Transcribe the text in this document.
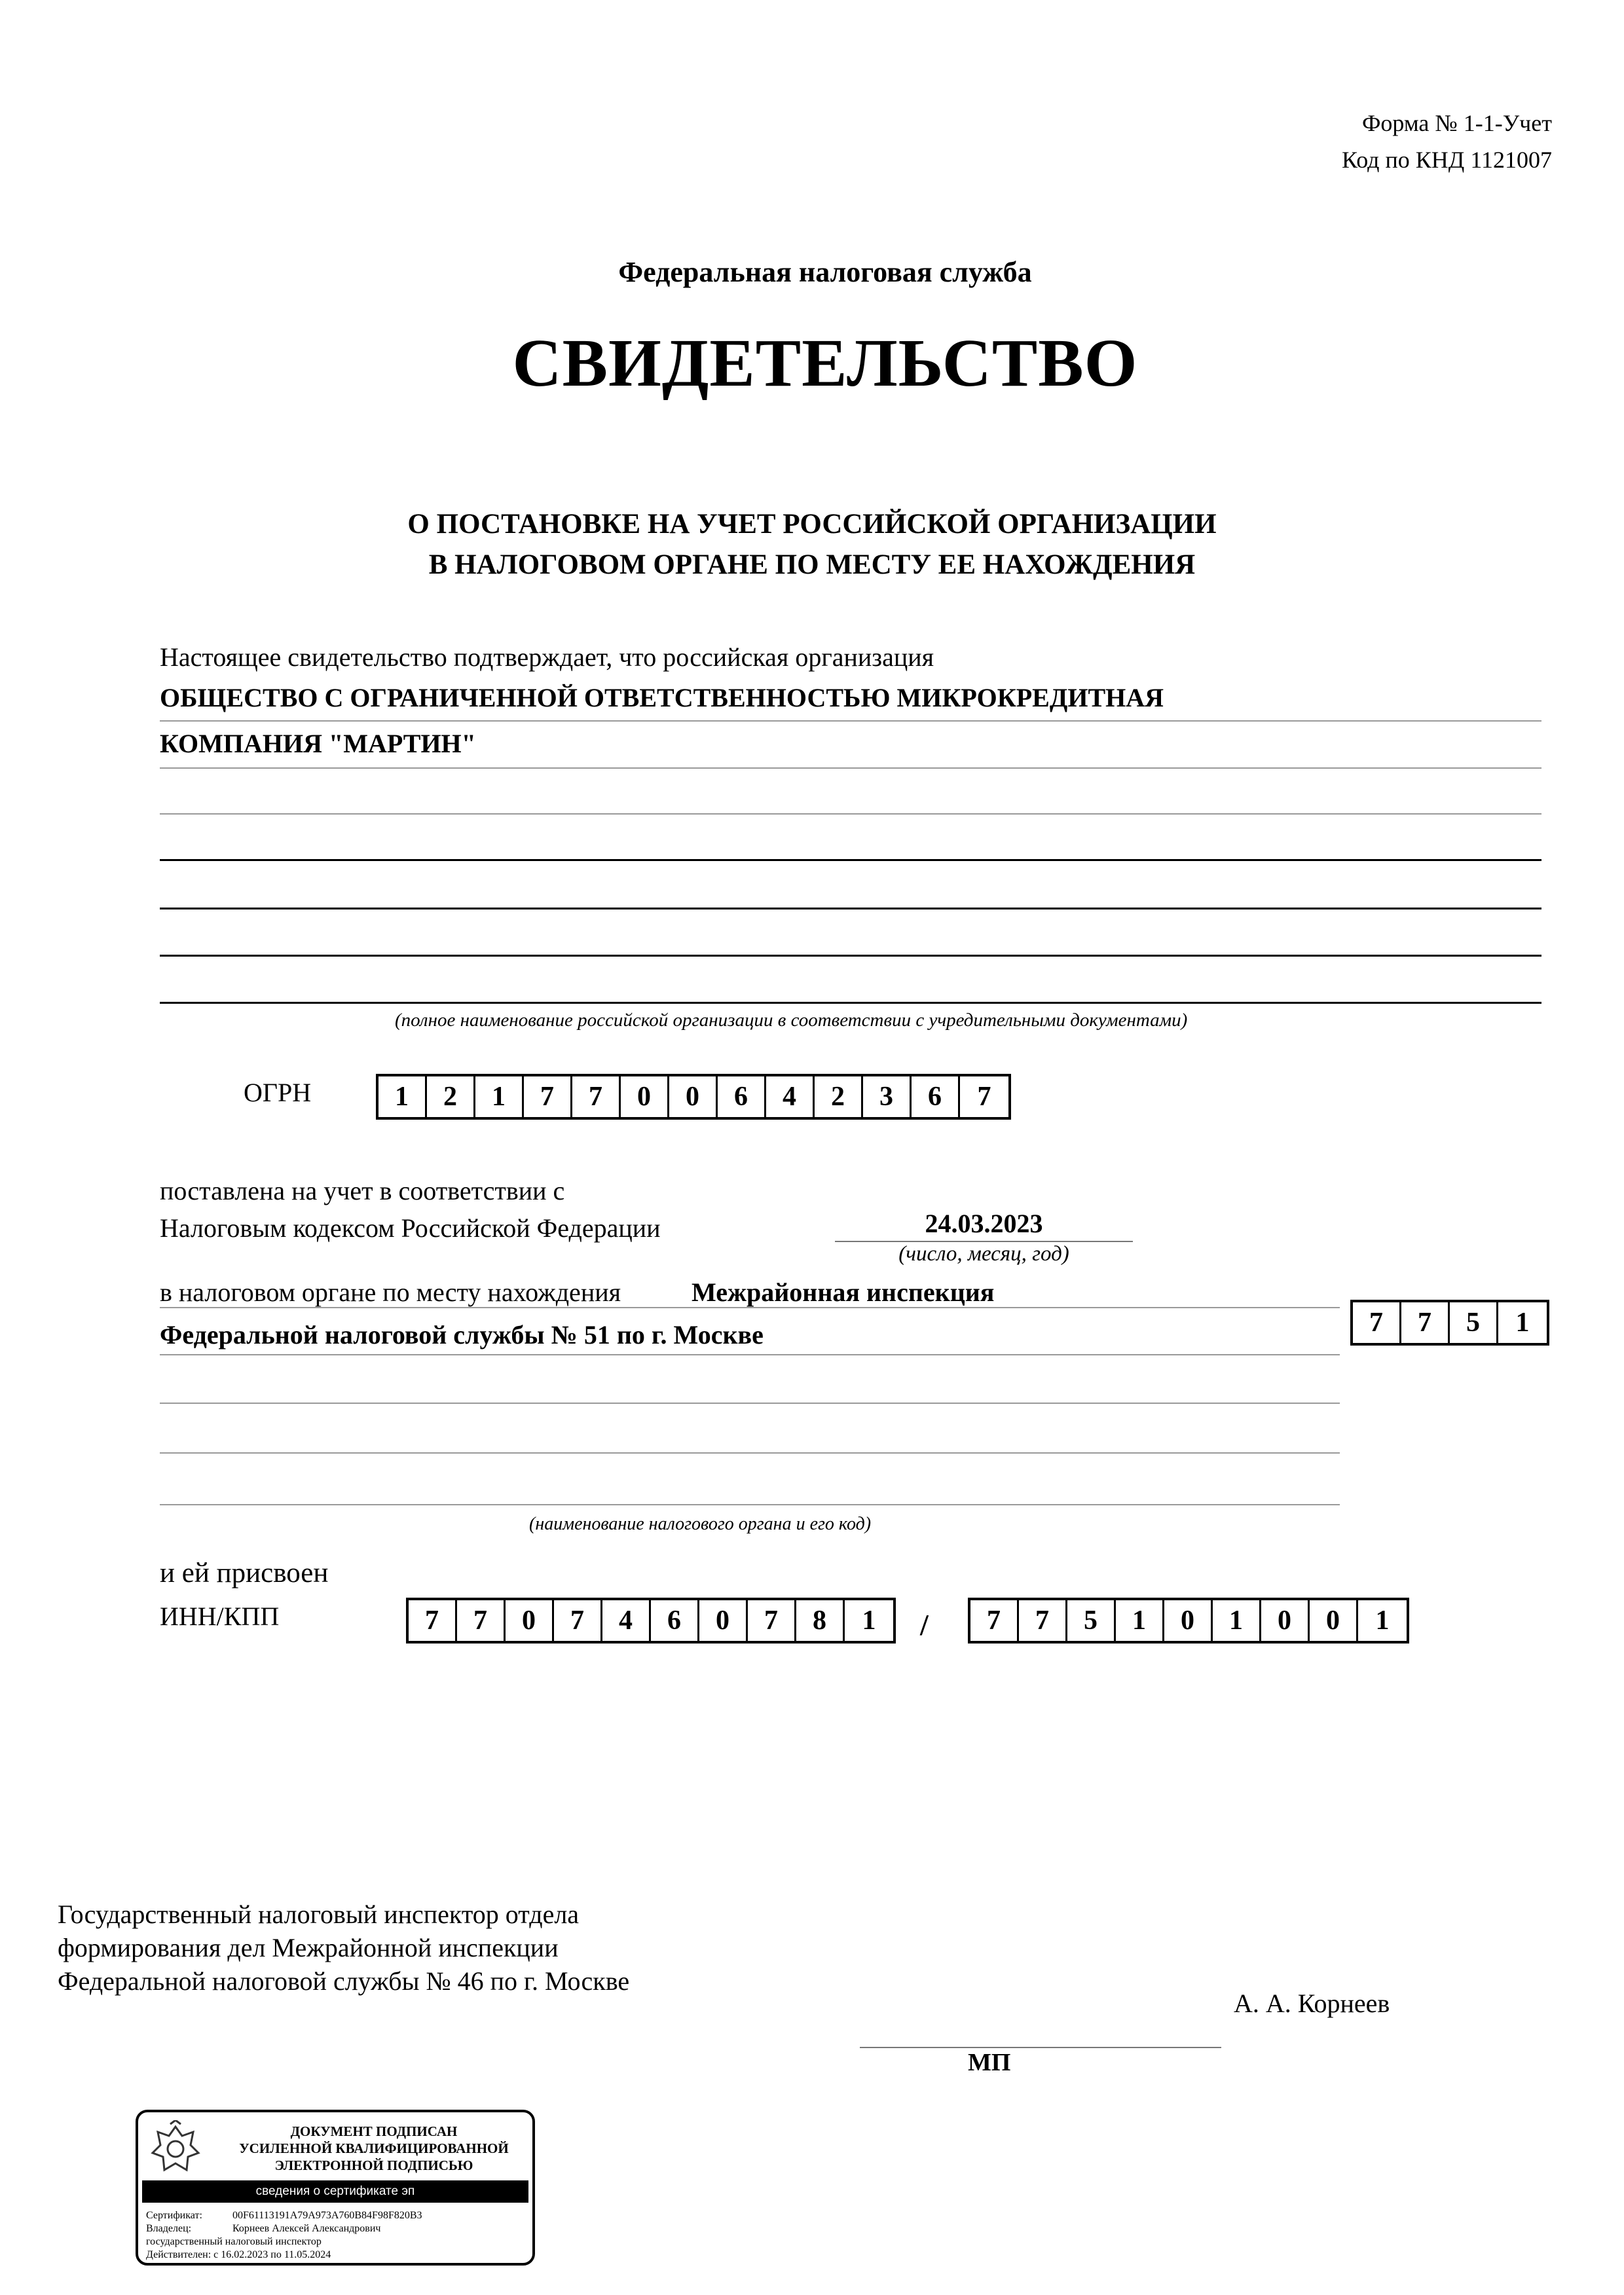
Форма № 1-1-Учет
Код по КНД 1121007
Федеральная налоговая служба
СВИДЕТЕЛЬСТВО
О ПОСТАНОВКЕ НА УЧЕТ РОССИЙСКОЙ ОРГАНИЗАЦИИ
В НАЛОГОВОМ ОРГАНЕ ПО МЕСТУ ЕЕ НАХОЖДЕНИЯ
Настоящее свидетельство подтверждает, что российская организация
ОБЩЕСТВО С ОГРАНИЧЕННОЙ ОТВЕТСТВЕННОСТЬЮ МИКРОКРЕДИТНАЯ
КОМПАНИЯ "МАРТИН"
(полное наименование российской организации в соответствии с учредительными документами)
ОГРН	1	2	1	7	7	0	0	6	4	2	3	6	7
поставлена на учет в соответствии с
Налоговым кодексом Российской Федерации	24.03.2023
(число, месяц, год)
в налоговом органе по месту нахождения	Межрайонная инспекция
Федеральной налоговой службы № 51 по г. Москве
(наименование налогового органа и его код)
7	7	5	1
и ей присвоен
ИНН/КПП	7	7	0	7	4	6	0	7	8	1	/	7	7	5	1	0	1	0	0	1
Государственный налоговый инспектор отдела
формирования дел Межрайонной инспекции
Федеральной налоговой службы № 46 по г. Москве
А. А. Корнеев
МП
ДОКУМЕНТ ПОДПИСАН
УСИЛЕННОЙ КВАЛИФИЦИРОВАННОЙ
ЭЛЕКТРОННОЙ ПОДПИСЬЮ
сведения о сертификате эп
Сертификат:	00F61113191A79A973A760B84F98F820B3
Владелец:	Корнеев Алексей Александрович
государственный налоговый инспектор
Действителен: с 16.02.2023 по 11.05.2024
